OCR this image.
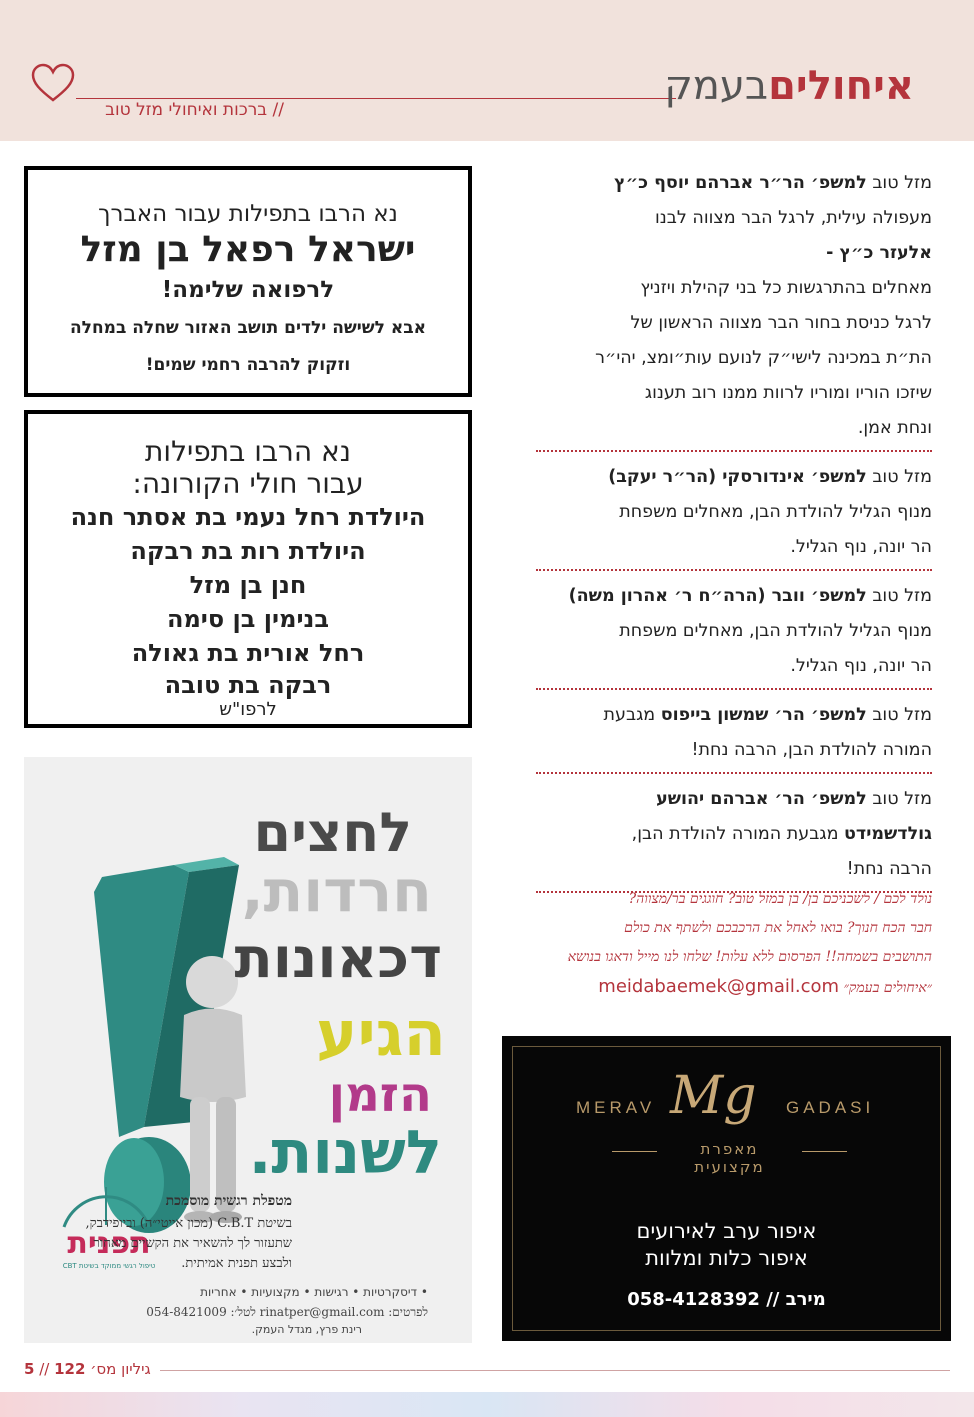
איחוליםבעמק
// ברכות ואיחולי מזל טוב
נא הרבו בתפילות עבור האברך
ישראל רפאל בן מזל
לרפואה שלימה!
אבא לשישה ילדים תושב האזור שחלה במחלה
וזקוק להרבה רחמי שמים!
נא הרבו בתפילות
עבור חולי הקורונה:
היולדת רחל נעמי בת אסתר חנה
היולדת רות בת רבקה
חנן בן מזל
בנימין בן סימה
רחל אורית בת גאולה
רבקה בת טובה
לרפו"ש
לחצים
חרדות,
דכאונות
הגיע
הזמן
לשנות.
תפנית
טיפול רגשי ממוקד בשיטת CBT
מטפלת רגשית מוסמכת
בשיטת C.B.T (מכון אייטי״ה) וביופידבק,
שתעזור לך להשאיר את הקשיים מאחור
ולבצע תפנית אמיתית.
• דיסקרטיות • רגישות • מקצועיות • אחריות
לפרטים: rinatper@gmail.com לטל׳: 054-8421009
רינת פרץ, מגדל העמק.

מזל טוב למשפ׳ הר״ר אברהם יוסף כ״ץ

מעפולה עילית, לרגל הבר מצווה לבנו

אלעזר כ״ץ -

מאחלים בהתרגשות כל בני קהילת ויזניץ

לרגל כניסת בחור הבר מצווה הראשון של

הת״ת במכינה לישי״ק לנועם עות״ומצ, יהי״ר

שיזכו הוריו ומוריו לרוות ממנו רוב תענוג

ונחת אמן.

מזל טוב למשפ׳ אינדורסקי (הר״ר יעקב)

מנוף הגליל להולדת הבן, מאחלים משפחת

הר יונה, נוף הגליל.

מזל טוב למשפ׳ וובר (הרה״ח ר׳ אהרון משה)

מנוף הגליל להולדת הבן, מאחלים משפחת

הר יונה, נוף הגליל.

מזל טוב למשפ׳ הר׳ שמשון בייפוס מגבעת

המורה להולדת הבן, הרבה נחת!

מזל טוב למשפ׳ הר׳ אברהם יהושע

גולדשמידט מגבעת המורה להולדת הבן,

הרבה נחת!

נולד לכם / לשכניכם בן/ בן במזל טוב? חוגגים בר/מצווה?
חבר הכח חנוך? בואו לאחל את הרכבכם ולשתף את כולם
התושבים בשמחה!! הפרסום ללא עלות! שלחו לנו מייל ודאגו בנושא
״איחולים בעמק״ meidabaemek@gmail.com
MERAV Mg GADASI
מאפרת מקצועית
איפור ערב לאירועים
איפור כלות ומלוות
מירב // 058-4128392
גיליון מס׳ 122 // 5
